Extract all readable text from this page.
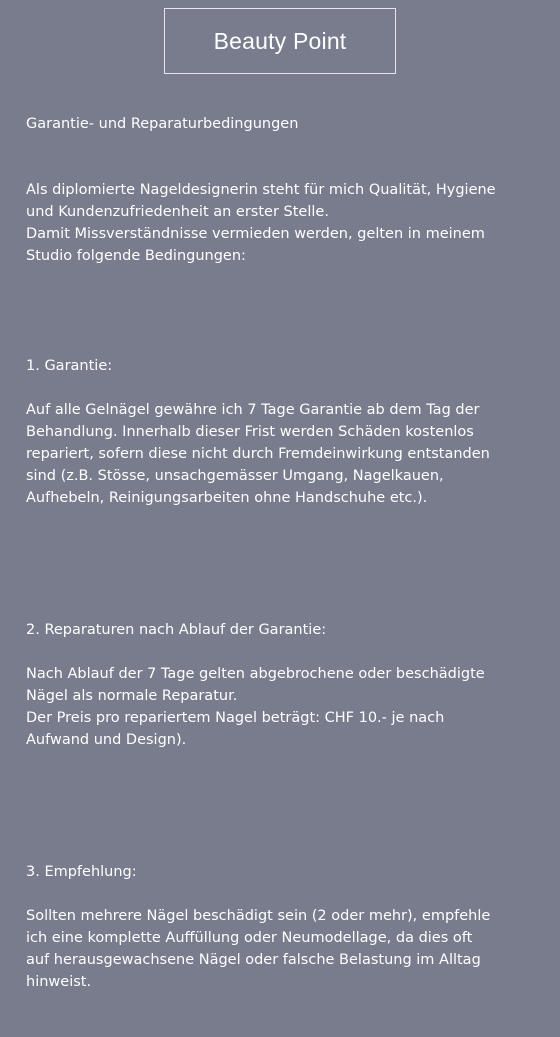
Beauty Point

Garantie- und Reparaturbedingungen

Als diplomierte Nageldesignerin steht für mich Qualität, Hygiene
und Kundenzufriedenheit an erster Stelle.
Damit Missverständnisse vermieden werden, gelten in meinem
Studio folgende Bedingungen:

1. Garantie:

Auf alle Gelnägel gewähre ich 7 Tage Garantie ab dem Tag der
Behandlung. Innerhalb dieser Frist werden Schäden kostenlos
repariert, sofern diese nicht durch Fremdeinwirkung entstanden
sind (z.B. Stösse, unsachgemässer Umgang, Nagelkauen,
Aufhebeln, Reinigungsarbeiten ohne Handschuhe etc.).

2. Reparaturen nach Ablauf der Garantie:

Nach Ablauf der 7 Tage gelten abgebrochene oder beschädigte
Nägel als normale Reparatur.
Der Preis pro repariertem Nagel beträgt: CHF 10.- je nach
Aufwand und Design).

3. Empfehlung:

Sollten mehrere Nägel beschädigt sein (2 oder mehr), empfehle
ich eine komplette Auffüllung oder Neumodellage, da dies oft
auf herausgewachsene Nägel oder falsche Belastung im Alltag
hinweist.
